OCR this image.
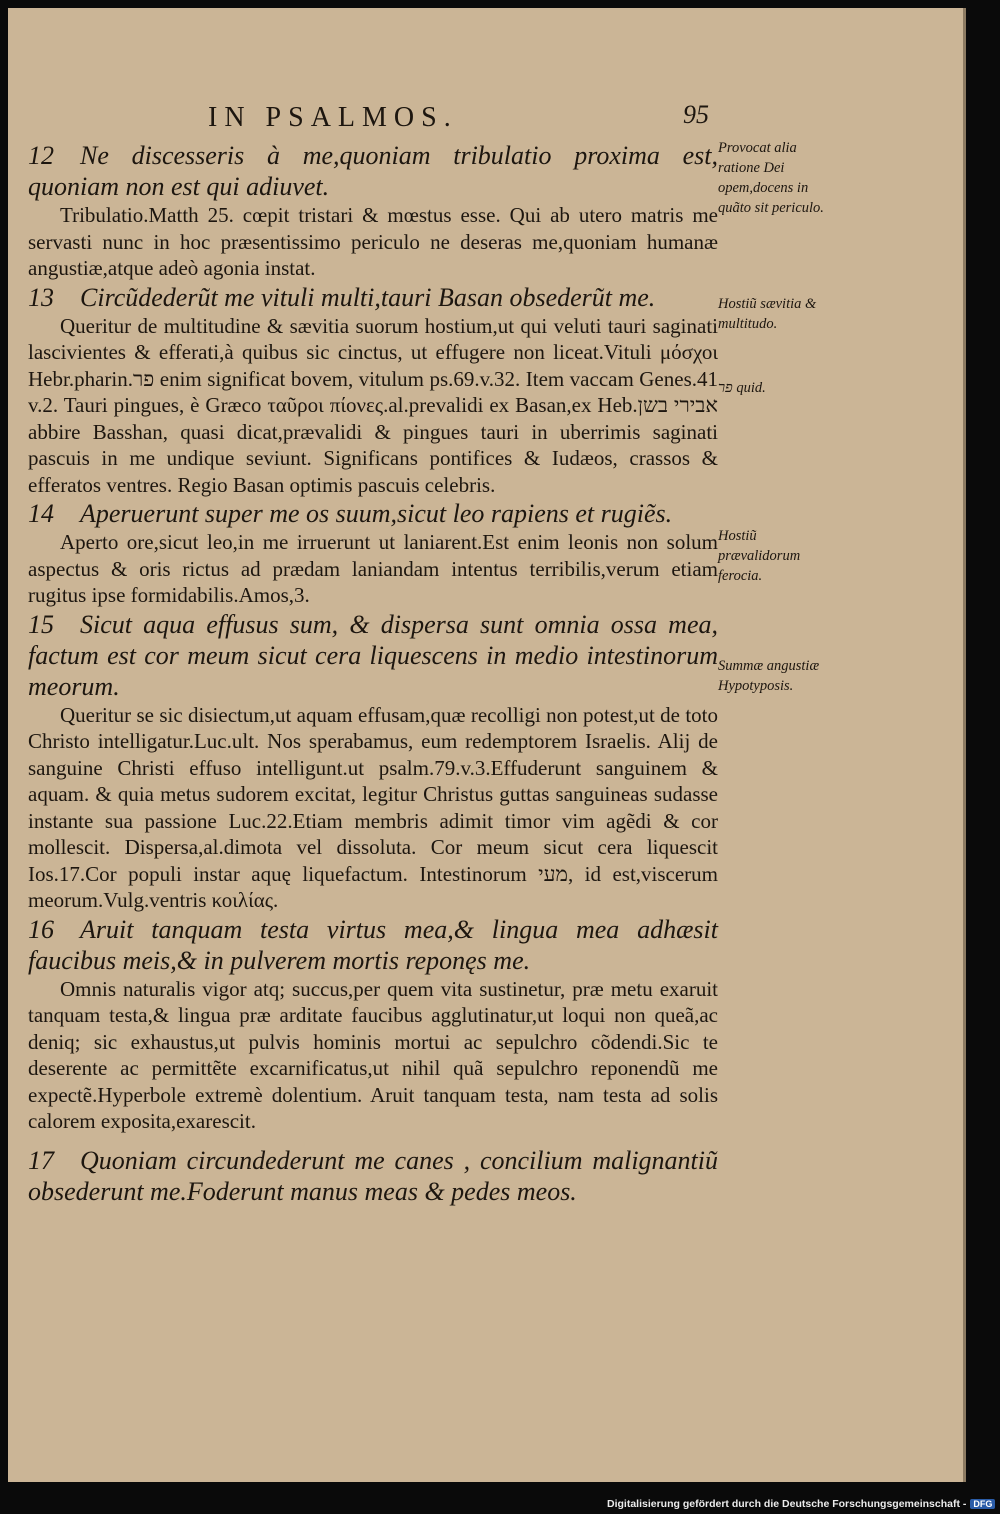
IN PSALMOS.	95

12 Ne discesseris à me,quoniam tribulatio proxima est, quoniam non est qui adiuvet.

Tribulatio.Matth 25. cœpit tristari & mœstus esse. Qui ab utero matris me servasti nunc in hoc præsentissimo periculo ne deseras me,quoniam humanæ angustiæ,atque adeò agonia instat.

13 Circũdederũt me vituli multi,tauri Basan obsederũt me.

Queritur de multitudine & sævitia suorum hostium,ut qui veluti tauri saginati lascivientes & efferati,à quibus sic cinctus, ut effugere non liceat.Vituli μόσχοι Hebr.pharin.פר enim significat bovem, vitulum ps.69.v.32. Item vaccam Genes.41 v.2. Tauri pingues, è Græco ταῦροι πίονες.al.prevalidi ex Basan,ex Heb.אבירי בשן abbire Basshan, quasi dicat,prævalidi & pingues tauri in uberrimis saginati pascuis in me undique seviunt. Significans pontifices & Iudæos, crassos & efferatos ventres. Regio Basan optimis pascuis celebris.

14 Aperuerunt super me os suum,sicut leo rapiens et rugiẽs.

Aperto ore,sicut leo,in me irruerunt ut laniarent.Est enim leonis non solum aspectus & oris rictus ad prædam laniandam intentus terribilis,verum etiam rugitus ipse formidabilis.Amos,3.

15 Sicut aqua effusus sum, & dispersa sunt omnia ossa mea, factum est cor meum sicut cera liquescens in medio intestinorum meorum.

Queritur se sic disiectum,ut aquam effusam,quæ recolligi non potest,ut de toto Christo intelligatur.Luc.ult. Nos sperabamus, eum redemptorem Israelis. Alij de sanguine Christi effuso intelligunt.ut psalm.79.v.3.Effuderunt sanguinem & aquam. & quia metus sudorem excitat, legitur Christus guttas sanguineas sudasse instante sua passione Luc.22.Etiam membris adimit timor vim agẽdi & cor mollescit. Dispersa,al.dimota vel dissoluta. Cor meum sicut cera liquescit Ios.17.Cor populi instar aquę liquefactum. Intestinorum מעי, id est,viscerum meorum.Vulg.ventris κοιλίας.

16 Aruit tanquam testa virtus mea,& lingua mea adhæsit faucibus meis,& in pulverem mortis reponęs me.

Omnis naturalis vigor atq; succus,per quem vita sustinetur, præ metu exaruit tanquam testa,& lingua præ arditate faucibus agglutinatur,ut loqui non queã,ac deniq; sic exhaustus,ut pulvis hominis mortui ac sepulchro cõdendi.Sic te deserente ac permittẽte excarnificatus,ut nihil quã sepulchro reponendũ me expectẽ.Hyperbole extremè dolentium. Aruit tanquam testa, nam testa ad solis calorem exposita,exarescit.

17 Quoniam circundederunt me canes , concilium malignantiũ obsederunt me.Foderunt manus meas & pedes meos.

Provocat alia ratione Dei opem,docens in quãto sit periculo.
Hostiũ sævitia & multitudo.
פר quid.
Hostiũ prævalidorum ferocia.
Summæ angustiæ Hypotyposis.
Digitalisierung gefördert durch die Deutsche Forschungsgemeinschaft - DFG
